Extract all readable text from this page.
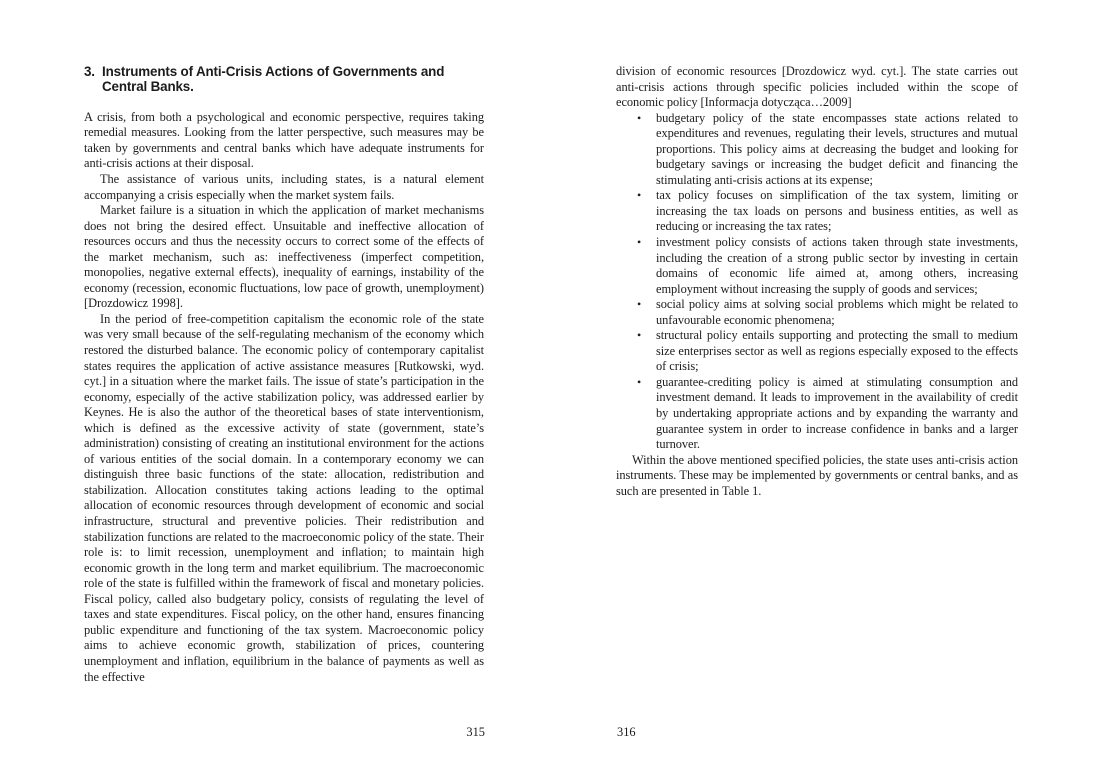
3. Instruments of Anti-Crisis Actions of Governments and Central Banks.

A crisis, from both a psychological and economic perspective, requires taking remedial measures. Looking from the latter perspective, such measures may be taken by governments and central banks which have adequate instruments for anti-crisis actions at their disposal.

The assistance of various units, including states, is a natural element accompanying a crisis especially when the market system fails.

Market failure is a situation in which the application of market mechanisms does not bring the desired effect. Unsuitable and ineffective allocation of resources occurs and thus the necessity occurs to correct some of the effects of the market mechanism, such as: ineffectiveness (imperfect competition, monopolies, negative external effects), inequality of earnings, instability of the economy (recession, economic fluctuations, low pace of growth, unemployment) [Drozdowicz 1998].

In the period of free-competition capitalism the economic role of the state was very small because of the self-regulating mechanism of the economy which restored the disturbed balance. The economic policy of contemporary capitalist states requires the application of active assistance measures [Rutkowski, wyd. cyt.] in a situation where the market fails. The issue of state’s participation in the economy, especially of the active stabilization policy, was addressed earlier by Keynes. He is also the author of the theoretical bases of state interventionism, which is defined as the excessive activity of state (government, state’s administration) consisting of creating an institutional environment for the actions of various entities of the social domain. In a contemporary economy we can distinguish three basic functions of the state: allocation, redistribution and stabilization. Allocation constitutes taking actions leading to the optimal allocation of economic resources through development of economic and social infrastructure, structural and preventive policies. Their redistribution and stabilization functions are related to the macroeconomic policy of the state. Their role is: to limit recession, unemployment and inflation; to maintain high economic growth in the long term and market equilibrium. The macroeconomic role of the state is fulfilled within the framework of fiscal and monetary policies. Fiscal policy, called also budgetary policy, consists of regulating the level of taxes and state expenditures. Fiscal policy, on the other hand, ensures financing public expenditure and functioning of the tax system. Macroeconomic policy aims to achieve economic growth, stabilization of prices, countering unemployment and inflation, equilibrium in the balance of payments as well as the effective

315

division of economic resources [Drozdowicz wyd. cyt.]. The state carries out anti-crisis actions through specific policies included within the scope of economic policy [Informacja dotycząca…2009]

• budgetary policy of the state encompasses state actions related to expenditures and revenues, regulating their levels, structures and mutual proportions. This policy aims at decreasing the budget and looking for budgetary savings or increasing the budget deficit and financing the stimulating anti-crisis actions at its expense;
• tax policy focuses on simplification of the tax system, limiting or increasing the tax loads on persons and business entities, as well as reducing or increasing the tax rates;
• investment policy consists of actions taken through state investments, including the creation of a strong public sector by investing in certain domains of economic life aimed at, among others, increasing employment without increasing the supply of goods and services;
• social policy aims at solving social problems which might be related to unfavourable economic phenomena;
• structural policy entails supporting and protecting the small to medium size enterprises sector as well as regions especially exposed to the effects of crisis;
• guarantee-crediting policy is aimed at stimulating consumption and investment demand. It leads to improvement in the availability of credit by undertaking appropriate actions and by expanding the warranty and guarantee system in order to increase confidence in banks and a larger turnover.

Within the above mentioned specified policies, the state uses anti-crisis action instruments. These may be implemented by governments or central banks, and as such are presented in Table 1.

316
